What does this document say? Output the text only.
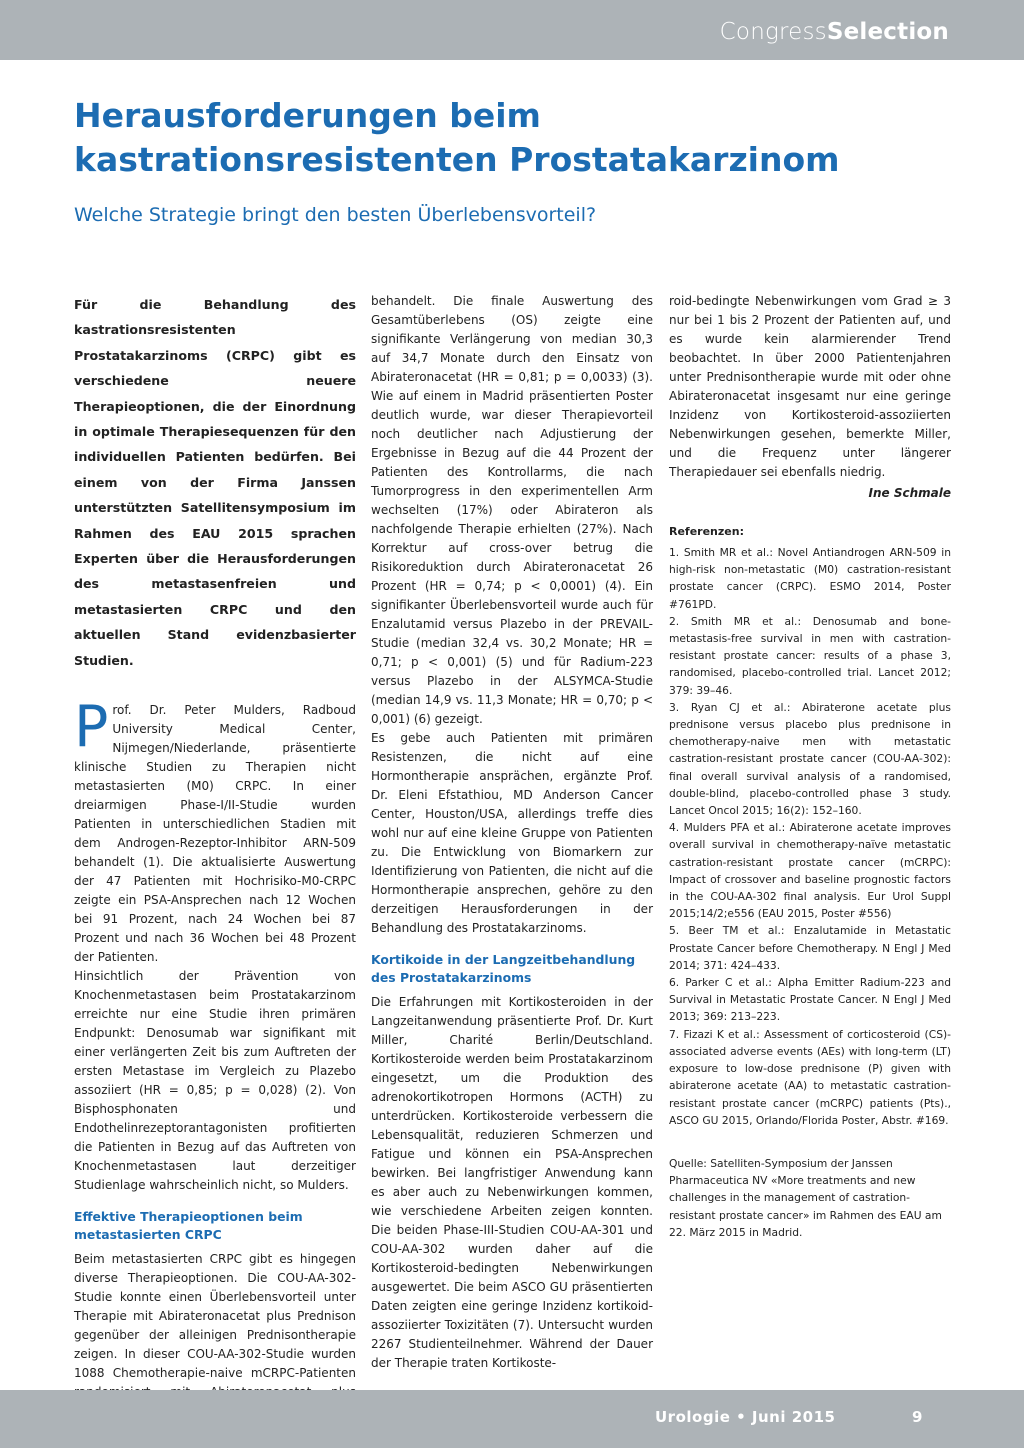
CongressSelection
Herausforderungen beim kastrationsresistenten Prostatakarzinom

Welche Strategie bringt den besten Überlebensvorteil?

Für die Behandlung des kastrationsresistenten Prostatakarzinoms (CRPC) gibt es verschiedene neuere Therapieoptionen, die der Einordnung in optimale Therapiesequenzen für den individuellen Patienten bedürfen. Bei einem von der Firma Janssen unterstützten Satellitensymposium im Rahmen des EAU 2015 sprachen Experten über die Herausforderungen des metastasenfreien und metastasierten CRPC und den aktuellen Stand evidenzbasierter Studien.

Prof. Dr. Peter Mulders, Radboud University Medical Center, Nijmegen/Niederlande, präsentierte klinische Studien zu Therapien nicht metastasierten (M0) CRPC. In einer dreiarmigen Phase-I/II-Studie wurden Patienten in unterschiedlichen Stadien mit dem Androgen-Rezeptor-Inhibitor ARN-509 behandelt (1). Die aktualisierte Auswertung der 47 Patienten mit Hochrisiko-M0-CRPC zeigte ein PSA-Ansprechen nach 12 Wochen bei 91 Prozent, nach 24 Wochen bei 87 Prozent und nach 36 Wochen bei 48 Prozent der Patienten.

Hinsichtlich der Prävention von Knochenmetastasen beim Prostatakarzinom erreichte nur eine Studie ihren primären Endpunkt: Denosumab war signifikant mit einer verlängerten Zeit bis zum Auftreten der ersten Metastase im Vergleich zu Plazebo assoziiert (HR = 0,85; p = 0,028) (2). Von Bisphosphonaten und Endothelinrezeptorantagonisten profitierten die Patienten in Bezug auf das Auftreten von Knochenmetastasen laut derzeitiger Studienlage wahrscheinlich nicht, so Mulders.

Effektive Therapieoptionen beim metastasierten CRPC

Beim metastasierten CRPC gibt es hingegen diverse Therapieoptionen. Die COU-AA-302-Studie konnte einen Überlebensvorteil unter Therapie mit Abirateronacetat plus Prednison gegenüber der alleinigen Prednisontherapie zeigen. In dieser COU-AA-302-Studie wurden 1088 Chemotherapie-naive mCRPC-Patienten

behandelt. Die finale Auswertung des Gesamtüberlebens (OS) zeigte eine signifikante Verlängerung von median 30,3 auf 34,7 Monate durch den Einsatz von Abirateronacetat (HR = 0,81; p = 0,0033) (3). Wie auf einem in Madrid präsentierten Poster deutlich wurde, war dieser Therapievorteil noch deutlicher nach Adjustierung der Ergebnisse in Bezug auf die 44 Prozent der Patienten des Kontrollarms, die nach Tumorprogress in den experimentellen Arm wechselten (17%) oder Abirateron als nachfolgende Therapie erhielten (27%). Nach Korrektur auf cross-over betrug die Risikoreduktion durch Abirateronacetat 26 Prozent (HR = 0,74; p < 0,0001) (4). Ein signifikanter Überlebensvorteil wurde auch für Enzalutamid versus Plazebo in der PREVAIL-Studie (median 32,4 vs. 30,2 Monate; HR = 0,71; p < 0,001) (5) und für Radium-223 versus Plazebo in der ALSYMCA-Studie (median 14,9 vs. 11,3 Monate; HR = 0,70; p < 0,001) (6) gezeigt.

Es gebe auch Patienten mit primären Resistenzen, die nicht auf eine Hormontherapie ansprächen, ergänzte Prof. Dr. Eleni Efstathiou, MD Anderson Cancer Center, Houston/USA, allerdings treffe dies wohl nur auf eine kleine Gruppe von Patienten zu. Die Entwicklung von Biomarkern zur Identifizierung von Patienten, die nicht auf die Hormontherapie ansprechen, gehöre zu den derzeitigen Herausforderungen in der Behandlung des Prostatakarzinoms.

Kortikoide in der Langzeitbehandlung des Prostatakarzinoms

Die Erfahrungen mit Kortikosteroiden in der Langzeitanwendung präsentierte Prof. Dr. Kurt Miller, Charité Berlin/Deutschland. Kortikosteroide werden beim Prostatakarzinom eingesetzt, um die Produktion des adrenokortikotropen Hormons (ACTH) zu unterdrücken. Kortikosteroide verbessern die Lebensqualität, reduzieren Schmerzen und Fatigue und können ein PSA-Ansprechen bewirken. Bei langfristiger Anwendung kann es aber auch zu Nebenwirkungen kommen, wie verschiedene Arbeiten zeigen konnten. Die beiden Phase-III-Studien COU-AA-301 und COU-AA-302 wurden daher auf die Kortikosteroid-bedingten Nebenwirkungen ausgewertet. Die beim ASCO GU präsentierten Daten zeigten eine geringe Inzidenz kortikoid-assoziierter Toxizitäten (7). Untersucht wurden 2267 Studienteilnehmer. Während der Dauer der Therapie traten Kortikoste-

roid-bedingte Nebenwirkungen vom Grad ≥ 3 nur bei 1 bis 2 Prozent der Patienten auf, und es wurde kein alarmierender Trend beobachtet. In über 2000 Patientenjahren unter Prednisontherapie wurde mit oder ohne Abirateronacetat insgesamt nur eine geringe Inzidenz von Kortikosteroid-assoziierten Nebenwirkungen gesehen, bemerkte Miller, und die Frequenz unter längerer Therapiedauer sei ebenfalls niedrig.

Ine Schmale

Referenzen:

1. Smith MR et al.: Novel Antiandrogen ARN-509 in high-risk non-metastatic (M0) castration-resistant prostate cancer (CRPC). ESMO 2014, Poster #761PD.

2. Smith MR et al.: Denosumab and bone-metastasis-free survival in men with castration-resistant prostate cancer: results of a phase 3, randomised, placebo-controlled trial. Lancet 2012; 379: 39–46.

3. Ryan CJ et al.: Abiraterone acetate plus prednisone versus placebo plus prednisone in chemotherapy-naive men with metastatic castration-resistant prostate cancer (COU-AA-302): final overall survival analysis of a randomised, double-blind, placebo-controlled phase 3 study. Lancet Oncol 2015; 16(2): 152–160.

4. Mulders PFA et al.: Abiraterone acetate improves overall survival in chemotherapy-naïve metastatic castration-resistant prostate cancer (mCRPC): Impact of crossover and baseline prognostic factors in the COU-AA-302 final analysis. Eur Urol Suppl 2015;14/2;e556 (EAU 2015, Poster #556)

5. Beer TM et al.: Enzalutamide in Metastatic Prostate Cancer before Chemotherapy. N Engl J Med 2014; 371: 424–433.

6. Parker C et al.: Alpha Emitter Radium-223 and Survival in Metastatic Prostate Cancer. N Engl J Med 2013; 369: 213–223.

7. Fizazi K et al.: Assessment of corticosteroid (CS)-associated adverse events (AEs) with long-term (LT) exposure to low-dose prednisone (P) given with abiraterone acetate (AA) to metastatic castration-resistant prostate cancer (mCRPC) patients (Pts)., ASCO GU 2015, Orlando/Florida Poster, Abstr. #169.

Quelle: Satelliten-Symposium der Janssen Pharmaceutica NV «More treatments and new challenges in the management of castration-resistant prostate cancer» im Rahmen des EAU am 22. März 2015 in Madrid.

Urologie • Juni 2015	9
